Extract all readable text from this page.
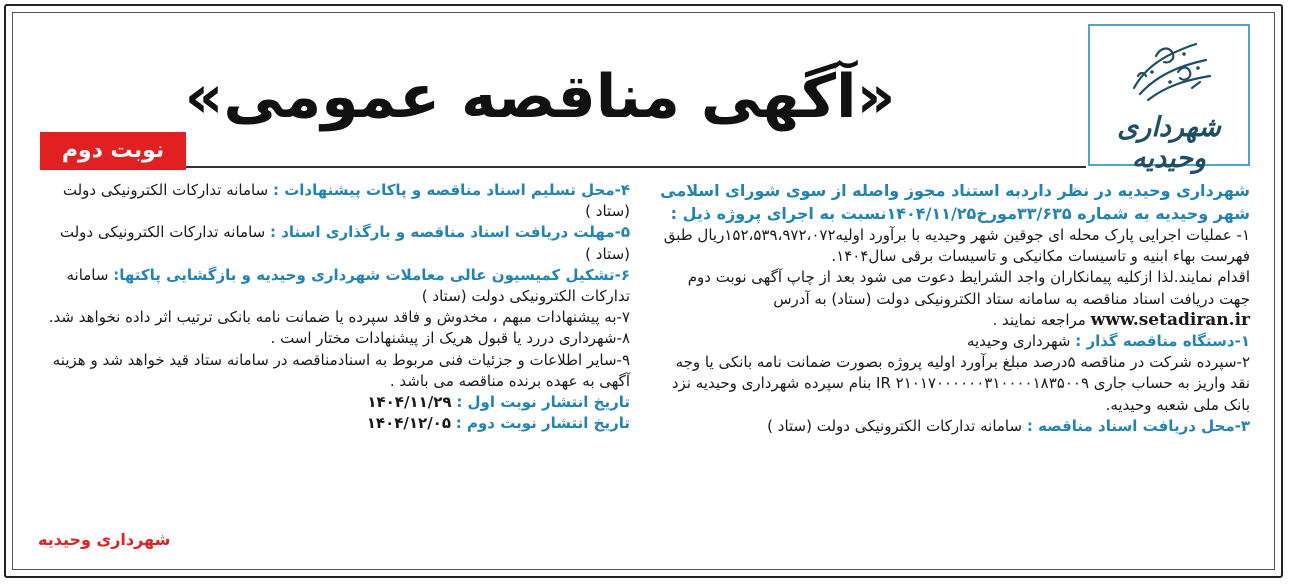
شهرداری وحیدیه
«آگهی مناقصه عمومی»
نوبت دوم

شهرداری وحیدیه در نظر داردبه استناد مجوز واصله از سوی شورای اسلامی شهر وحیدیه به شماره ۳۳/۶۳۵مورخ۱۴۰۴/۱۱/۲۵نسبت به اجرای پروژه ذیل :

۱- عملیات اجرایی پارک محله ای جوقین شهر وحیدیه با برآورد اولیه۱۵۲،۵۳۹،۹۷۲،۰۷۲ریال طبق فهرست بهاء ابنیه و تاسیسات مکانیکی و تاسیسات برقی سال۱۴۰۴.

اقدام نمایند.لذا ازکلیه پیمانکاران واجد الشرایط دعوت می شود بعد از چاپ آگهی نوبت دوم جهت دریافت اسناد مناقصه به سامانه ستاد الکترونیکی دولت (ستاد) به آدرس www.setadiran.ir مراجعه نمایند .

۱-دستگاه مناقصه گذار : شهرداری وحیدیه

۲-سپرده شرکت در مناقصه ۵درصد مبلغ برآورد اولیه پروژه بصورت ضمانت نامه بانکی یا وجه نقد واریز به حساب جاری IR ۲۱۰۱۷۰۰۰۰۰۰۳۱۰۰۰۰۱۸۳۵۰۰۹ بنام سپرده شهرداری وحیدیه نزد بانک ملی شعبه وحیدیه.

۳-محل دریافت اسناد مناقصه : سامانه تدارکات الکترونیکی دولت (ستاد )

۴-محل تسلیم اسناد مناقصه و پاکات پیشنهادات : سامانه تدارکات الکترونیکی دولت (ستاد )

۵-مهلت دریافت اسناد مناقصه و بارگذاری اسناد : سامانه تدارکات الکترونیکی دولت (ستاد )

۶-تشکیل کمیسیون عالی معاملات شهرداری وحیدیه و بازگشایی پاکتها: سامانه تدارکات الکترونیکی دولت (ستاد )

۷-به پیشنهادات مبهم ، مخدوش و فاقد سپرده یا ضمانت نامه بانکی ترتیب اثر داده نخواهد شد.

۸-شهرداری دررد یا قبول هریک از پیشنهادات مختار است .

۹-سایر اطلاعات و جزئیات فنی مربوط به اسنادمناقصه در سامانه ستاد قید خواهد شد و هزینه آگهی به عهده برنده مناقصه می باشد .

تاریخ انتشار نوبت اول : ۱۴۰۴/۱۱/۲۹

تاریخ انتشار نوبت دوم : ۱۴۰۴/۱۲/۰۵

شهرداری وحیدیه
